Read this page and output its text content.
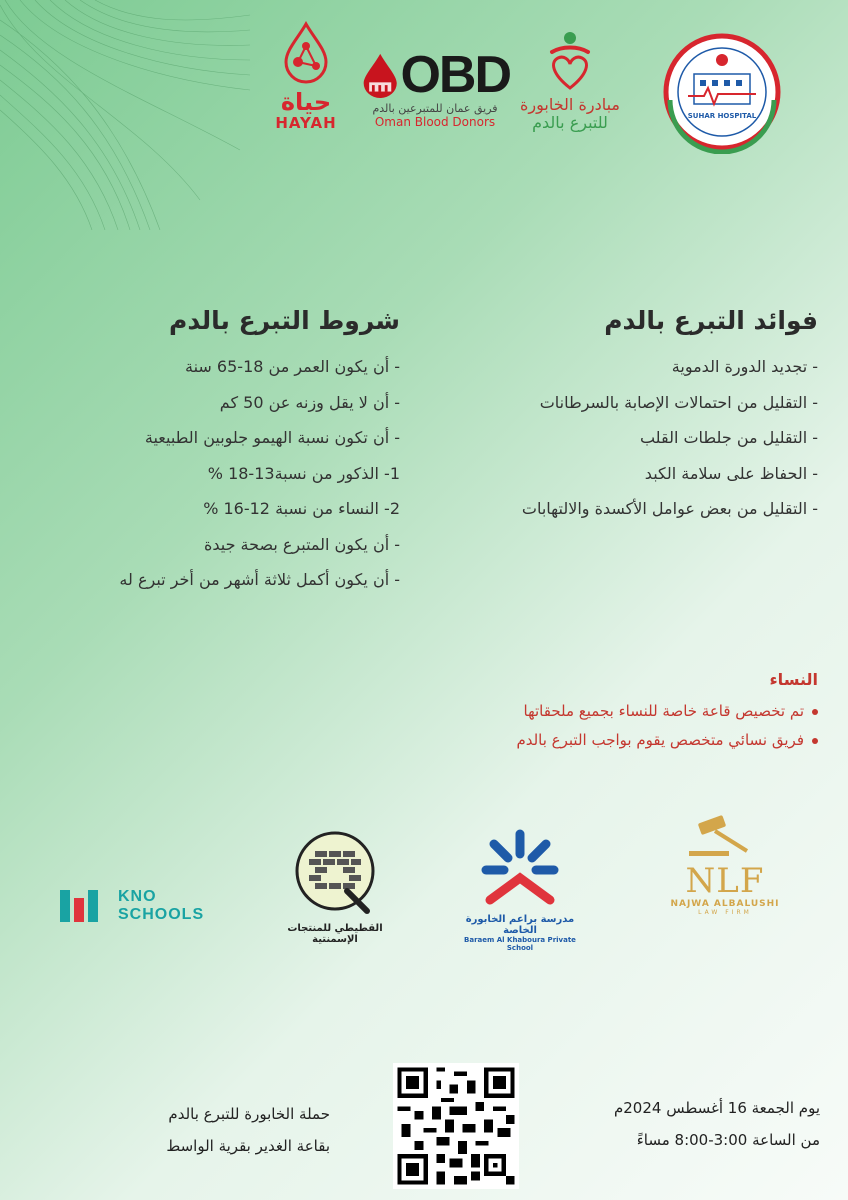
حياة
HAYAH
OBD
فريق عمان للمتبرعين بالدم
Oman Blood Donors
مبادرة الخابورة
للتبرع بالدم	SUHAR HOSPITAL
فوائد التبرع بالدم
- تجديد الدورة الدموية
- التقليل من احتمالات الإصابة بالسرطانات
- التقليل من جلطات القلب
- الحفاظ على سلامة الكبد
- التقليل من بعض عوامل الأكسدة والالتهابات
شروط التبرع بالدم
- أن يكون العمر من 18-65 سنة
- أن لا يقل وزنه عن 50 كم
- أن تكون نسبة الهيمو جلوبين الطبيعية
1- الذكور من نسبة13-18 %
2- النساء من نسبة 12-16 %
- أن يكون المتبرع بصحة جيدة
- أن يكون أكمل ثلاثة أشهر من أخر تبرع له
النساء
تم تخصيص قاعة خاصة للنساء بجميع ملحقاتها
فريق نسائي متخصص يقوم بواجب التبرع بالدم
KNO
SCHOOLS
القطيطي للمنتجات الإسمنتية
مدرسة براعم الخابورة الخاصة
Baraem Al Khaboura Private School
NLF
NAJWA ALBALUSHI
LAW FIRM
حملة الخابورة للتبرع بالدم
بقاعة الغدير بقرية الواسط
يوم الجمعة 16 أغسطس 2024م
من الساعة 3:00-8:00 مساءً
